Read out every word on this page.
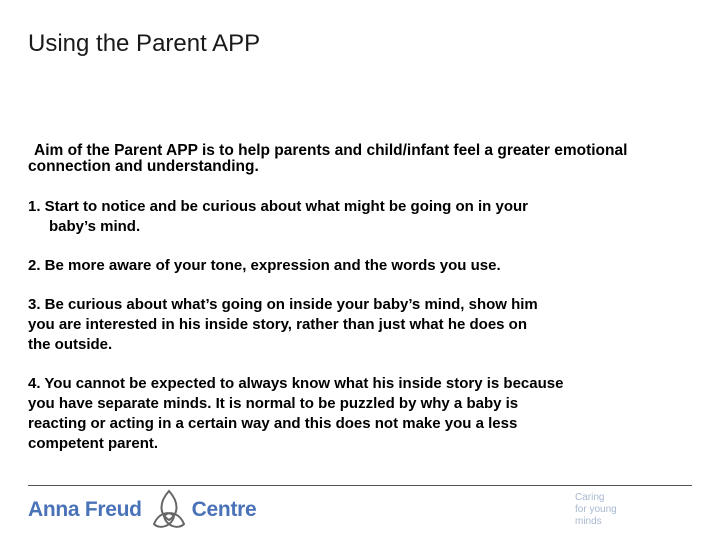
Using the Parent APP

Aim of the Parent APP is to help parents and child/infant feel a greater emotional
connection and understanding.

1. Start to notice and be curious about what might be going on in your
baby’s mind.

2. Be more aware of your tone, expression and the words you use.

3. Be curious about what’s going on inside your baby’s mind, show him
you are interested in his inside story, rather than just what he does on
the outside.

4. You cannot be expected to always know what his inside story is because
you have separate minds. It is normal to be puzzled by why a baby is
reacting or acting in a certain way and this does not make you a less
competent parent.

Anna Freud Centre
Caring
for young
minds
